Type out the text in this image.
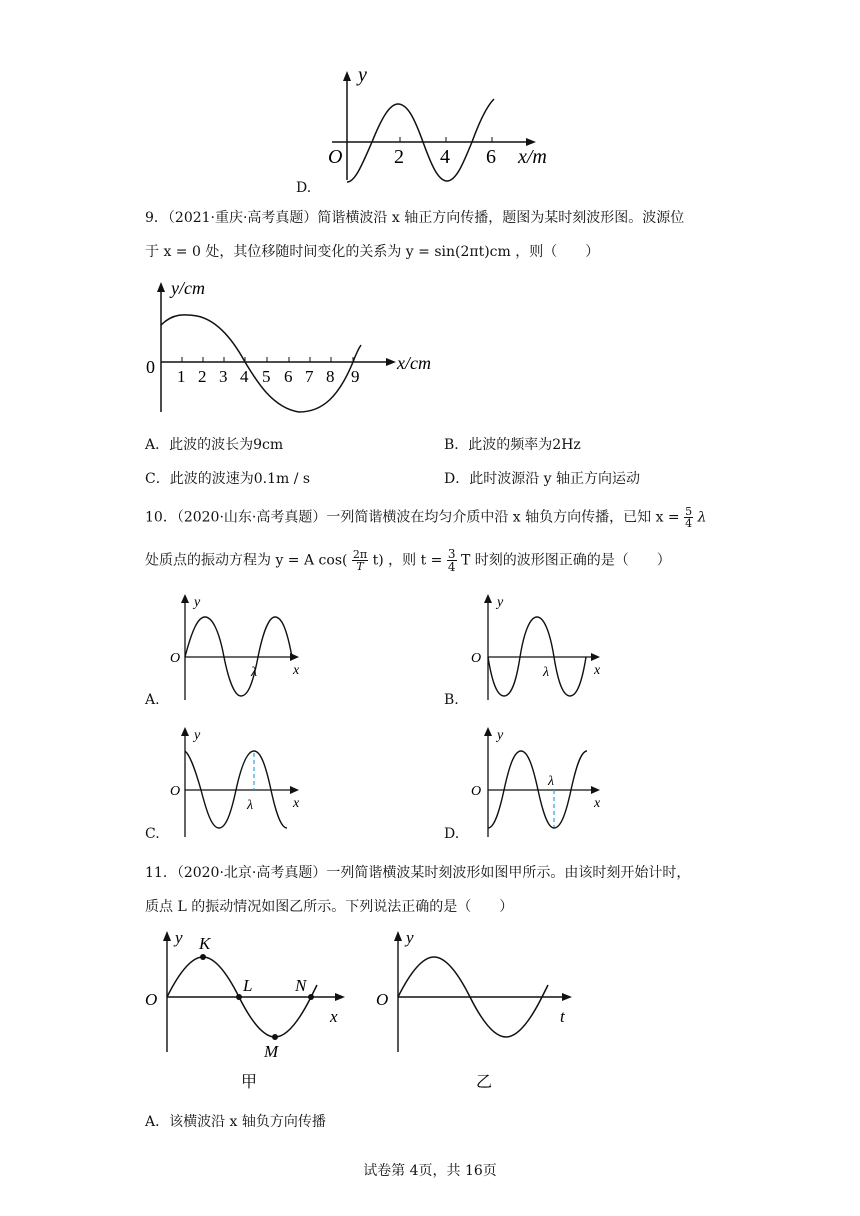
y
O	2 4 6 x/m
D.
9．（2021·重庆·高考真题）简谐横波沿 x 轴正方向传播，题图为某时刻波形图。波源位
于 x = 0 处，其位移随时间变化的关系为 y = sin(2πt)cm ，则（　　）
y/cm
x/cm
0 1 2 3 4 5 6 7 8 9
A．此波的波长为9cm	B．此波的频率为2Hz
C．此波的波速为0.1m / s	D．此时波源沿 y 轴正方向运动
10．（2020·山东·高考真题）一列简谐横波在均匀介质中沿 x 轴负方向传播，已知 $x = \frac{5}{4}$ λ
处质点的振动方程为 y = A $\cos( \frac{2\pi}{T} t)$ ，则 $t = \frac{3}{4}$ T 时刻的波形图正确的是（　　）
y
O
λ	x
A.
y
O
λ	x
B.
y
O
λ	x
C.
y
O
λ
x
D.
11．（2020·北京·高考真题）一列简谐横波某时刻波形如图甲所示。由该时刻开始计时，
质点 L 的振动情况如图乙所示。下列说法正确的是（　　）
y
O
K
L
M
N
x
甲
y
O
t
乙
A．该横波沿 x 轴负方向传播
试卷第 4页，共 16页
